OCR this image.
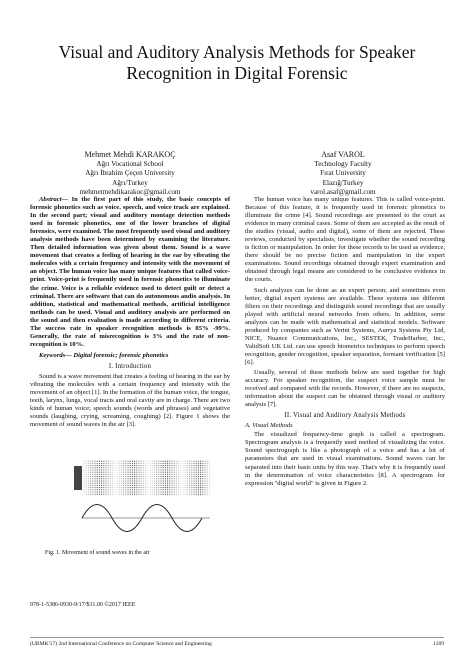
Visual and Auditory Analysis Methods for Speaker Recognition in Digital Forensic
Mehmet Mehdi KARAKOÇ
Ağrı Vocational School
Ağrı İbrahim Çeçen University
Ağrı/Turkey
mehmetmehdikarakoc@gmail.com
Asaf VAROL
Technology Faculty
Fırat University
Elazığ/Turkey
varol.asaf@gmail.com

Abstract— In the first part of this study, the basic concepts of forensic phonetics such as voice, speech, and voice track are explained. In the second part; visual and auditory montage detection methods used in forensic phonetics, one of the lower branches of digital forensics, were examined. The most frequently used visual and auditory analysis methods have been determined by examining the literature. Then detailed information was given about them. Sound is a wave movement that creates a feeling of hearing in the ear by vibrating the molecules with a certain frequency and intensity with the movement of an object. The human voice has many unique features that called voice-print. Voice-print is frequently used in forensic phonetics to illuminate the crime. Voice is a reliable evidence used to detect guilt or detect a criminal. There are software that can do autonomous audio analysis. In addition, statistical and mathematical methods, artificial intelligence methods can be used. Visual and auditory analysis are performed on the sound and then evaluation is made according to different criteria. The success rate in speaker recognition methods is 85% -99%. Generally, the rate of misrecognition is 3% and the rate of non-recognition is 10%.

Keywords— Digital forensic; forensic phonetics

I. Introduction

Sound is a wave movement that creates a feeling of hearing in the ear by vibrating the molecules with a certain frequency and intensity with the movement of an object [1]. In the formation of the human voice, the tongue, teeth, larynx, lungs, vocal tracts and oral cavity are in charge. There are two kinds of human voice; speech sounds (words and phrases) and vegetative sounds (laughing, crying, screaming, coughing) [2]. Figure 1 shows the movement of sound waves in the air [3].

Fig. 1. Movement of sound waves in the air
978-1-5386-0930-9/17/$31.00 ©2017 IEEE

The human voice has many unique features. This is called voice-print. Because of this feature, it is frequently used in forensic phonetics to illuminate the crime [4]. Sound recordings are presented to the court as evidence in many criminal cases. Some of them are accepted as the result of the studies (visual, audio and digital), some of them are rejected. These reviews, conducted by specialists, investigate whether the sound recording is fiction or manipulation. In order for these records to be used as evidence, there should be no precise fiction and manipulation in the expert examinations. Sound recordings obtained through expert examination and obtained through legal means are considered to be conclusive evidence in the courts.

Such analyzes can be done as an expert person; and sometimes even better, digital expert systems are available. These systems use different filters on their recordings and distinguish sound recordings that are usually played with artificial neural networks from others. In addition, some analyzes can be made with mathematical and statistical models. Software produced by companies such as Verint Systems, Aurrya Systems Pty Ltd, NICE, Nuance Communications, Inc., SESTEK, TradeHarbor, Inc., ValidSoft UK Ltd. can use speech biometrics techniques to perform speech recognition, gender recognition, speaker separation, formant verification [5] [6].

Usually, several of these methods below are used together for high accuracy. For speaker recognition, the suspect voice sample must be received and compared with the records. However, if there are no suspects, information about the suspect can be obtained through visual or auditory analysis [7].

II. Visual and Auditory Analysis Methods
A. Visual Methods

The visualized frequency-time graph is called a spectrogram. Spectrogram analysis is a frequently used method of visualizing the voice. Sound spectrograph is like a photograph of a voice and has a lot of parameters that are used in visual examinations. Sound waves can be separated into their basic units by this way. That's why it is frequently used in the determination of voice characteristics [8]. A spectrogram for expression "digital world" is given in Figure 2.

(UBMK'17) 2nd International Conference on Computer Science and Engineering	1189
